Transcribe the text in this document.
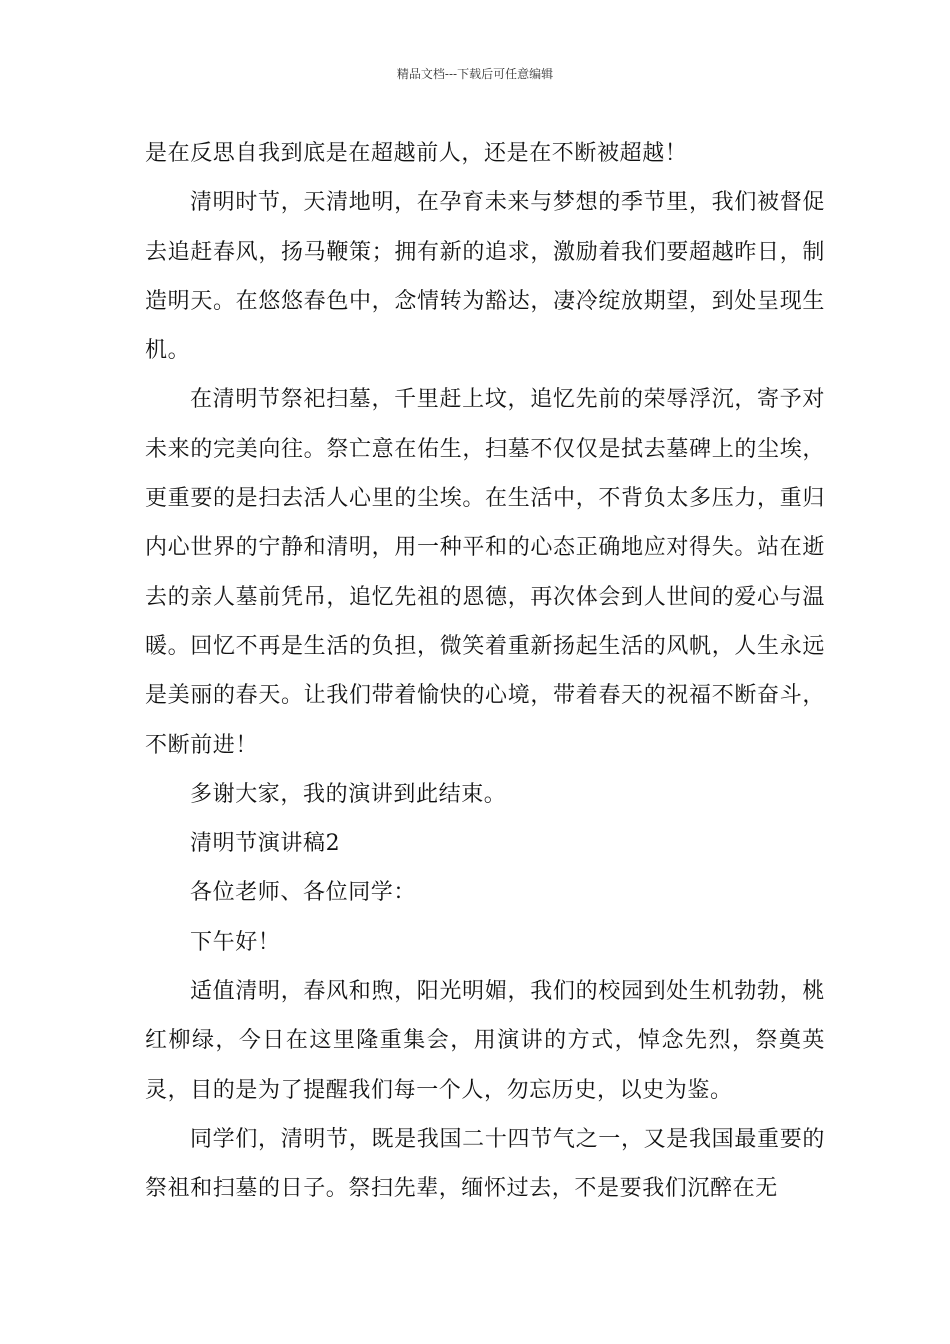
精品文档---下载后可任意编辑

是在反思自我到底是在超越前人，还是在不断被超越！

清明时节，天清地明，在孕育未来与梦想的季节里，我们被督促去追赶春风，扬马鞭策；拥有新的追求，激励着我们要超越昨日，制造明天。在悠悠春色中，念情转为豁达，凄冷绽放期望，到处呈现生机。

在清明节祭祀扫墓，千里赶上坟，追忆先前的荣辱浮沉，寄予对未来的完美向往。祭亡意在佑生，扫墓不仅仅是拭去墓碑上的尘埃，更重要的是扫去活人心里的尘埃。在生活中，不背负太多压力，重归内心世界的宁静和清明，用一种平和的心态正确地应对得失。站在逝去的亲人墓前凭吊，追忆先祖的恩德，再次体会到人世间的爱心与温暖。回忆不再是生活的负担，微笑着重新扬起生活的风帆，人生永远是美丽的春天。让我们带着愉快的心境，带着春天的祝福不断奋斗，不断前进！

多谢大家，我的演讲到此结束。

清明节演讲稿2

各位老师、各位同学：

下午好！

适值清明，春风和煦，阳光明媚，我们的校园到处生机勃勃，桃红柳绿，今日在这里隆重集会，用演讲的方式，悼念先烈，祭奠英灵，目的是为了提醒我们每一个人，勿忘历史，以史为鉴。

同学们，清明节，既是我国二十四节气之一，又是我国最重要的祭祖和扫墓的日子。祭扫先辈，缅怀过去，不是要我们沉醉在无
